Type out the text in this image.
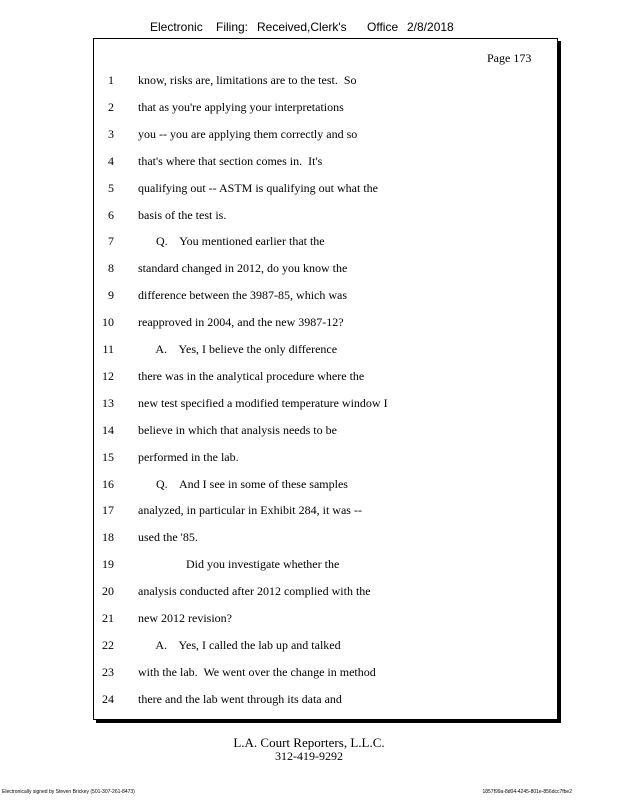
Electronic Filing: Received,Clerk's Office 2/8/2018
Page 173
1 know, risks are, limitations are to the test.  So
2 that as you're applying your interpretations
3 you -- you are applying them correctly and so
4 that's where that section comes in.  It's
5 qualifying out -- ASTM is qualifying out what the
6 basis of the test is.
7 Q.    You mentioned earlier that the
8 standard changed in 2012, do you know the
9 difference between the 3987-85, which was
10 reapproved in 2004, and the new 3987-12?
11 A.    Yes, I believe the only difference
12 there was in the analytical procedure where the
13 new test specified a modified temperature window I
14 believe in which that analysis needs to be
15 performed in the lab.
16 Q.    And I see in some of these samples
17 analyzed, in particular in Exhibit 284, it was --
18 used the '85.
19 Did you investigate whether the
20 analysis conducted after 2012 complied with the
21 new 2012 revision?
22 A.    Yes, I called the lab up and talked
23 with the lab.  We went over the change in method
24 there and the lab went through its data and
L.A. Court Reporters, L.L.C.
312-419-9292
Electronically signed by Steven Brickey (501-307-261-8473)	1857f99a-8d04-4245-801e-856dcc7fbe2
